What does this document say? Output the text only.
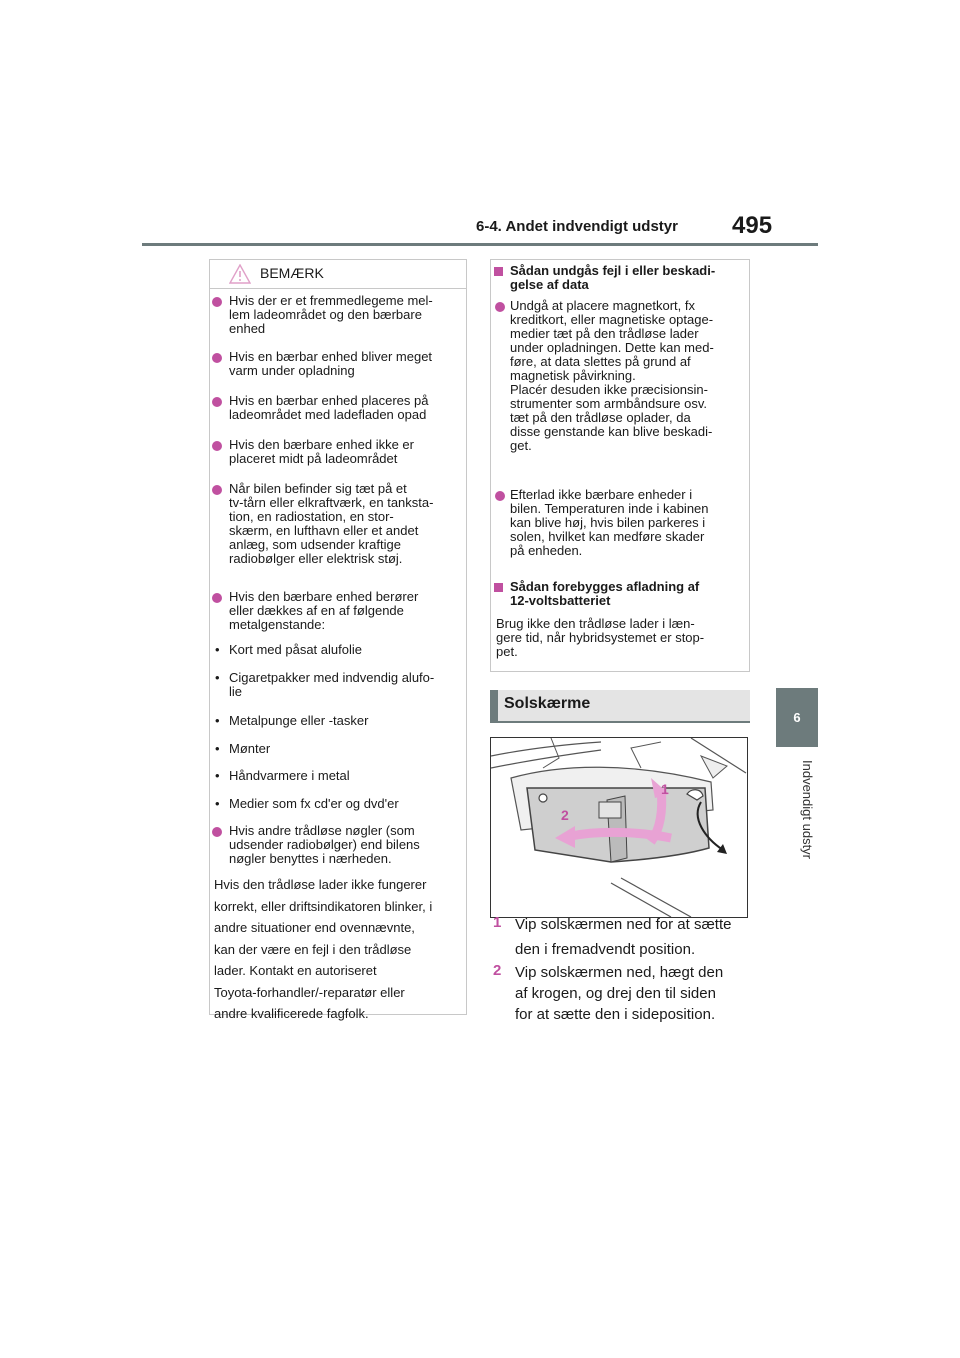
6-4. Andet indvendigt udstyr 495
6
Indvendigt udstyr
BEMÆRK
Hvis der er et fremmedlegeme mel-
lem ladeområdet og den bærbare
enhed
Hvis en bærbar enhed bliver meget
varm under opladning
Hvis en bærbar enhed placeres på
ladeområdet med ladefladen opad
Hvis den bærbare enhed ikke er
placeret midt på ladeområdet
Når bilen befinder sig tæt på et
tv-tårn eller elkraftværk, en tanksta-
tion, en radiostation, en stor-
skærm, en lufthavn eller et andet
anlæg, som udsender kraftige
radiobølger eller elektrisk støj.
Hvis den bærbare enhed berører
eller dækkes af en af følgende
metalgenstande:
• Kort med påsat alufolie
• Cigaretpakker med indvendig alufo-
lie
• Metalpunge eller -tasker
• Mønter
• Håndvarmere i metal
• Medier som fx cd'er og dvd'er
Hvis andre trådløse nøgler (som
udsender radiobølger) end bilens
nøgler benyttes i nærheden.
Hvis den trådløse lader ikke fungerer
korrekt, eller driftsindikatoren blinker, i
andre situationer end ovennævnte,
kan der være en fejl i den trådløse
lader. Kontakt en autoriseret
Toyota-forhandler/-reparatør eller
andre kvalificerede fagfolk.
Sådan undgås fejl i eller beskadi-
gelse af data
Undgå at placere magnetkort, fx
kreditkort, eller magnetiske optage-
medier tæt på den trådløse lader
under opladningen. Dette kan med-
føre, at data slettes på grund af
magnetisk påvirkning.
Placér desuden ikke præcisionsin-
strumenter som armbåndsure osv.
tæt på den trådløse oplader, da
disse genstande kan blive beskadi-
get.
Efterlad ikke bærbare enheder i
bilen. Temperaturen inde i kabinen
kan blive høj, hvis bilen parkeres i
solen, hvilket kan medføre skader
på enheden.
Sådan forebygges afladning af
12-voltsbatteriet
Brug ikke den trådløse lader i læn-
gere tid, når hybridsystemet er stop-
pet.
Solskærme
1
2
1 Vip solskærmen ned for at sætte
den i fremadvendt position.
2 Vip solskærmen ned, hægt den
af krogen, og drej den til siden
for at sætte den i sideposition.
